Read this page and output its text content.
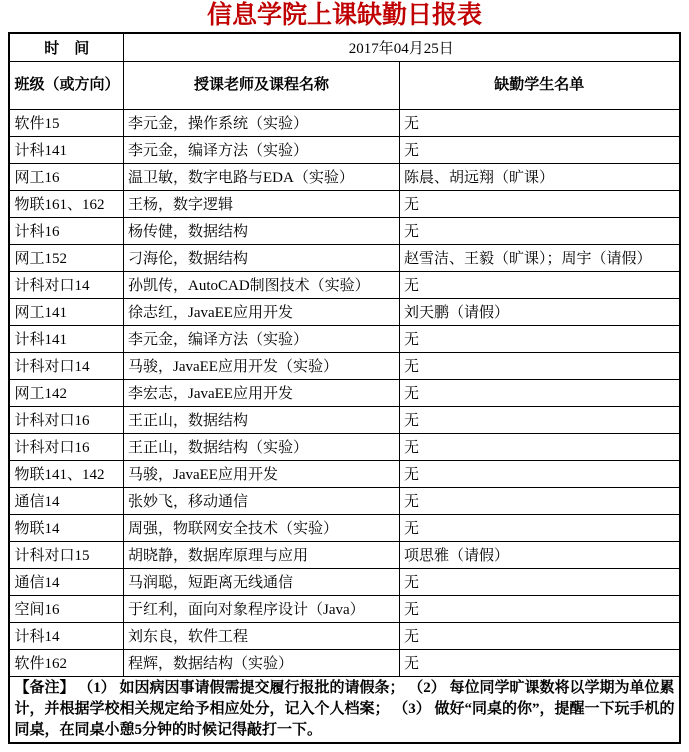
信息学院上课缺勤日报表
时　间	2017年04月25日	
班级（或方向）	授课老师及课程名称	缺勤学生名单
软件15	李元金，操作系统（实验）	无
计科141	李元金，编译方法（实验）	无
网工16	温卫敏，数字电路与EDA（实验）	陈晨、胡远翔（旷课）
物联161、162	王杨，数字逻辑	无
计科16	杨传健，数据结构	无
网工152	刁海伦，数据结构	赵雪洁、王毅（旷课）；周宇（请假）
计科对口14	孙凯传，AutoCAD制图技术（实验）	无
网工141	徐志红，JavaEE应用开发	刘天鹏（请假）
计科141	李元金，编译方法（实验）	无
计科对口14	马骏，JavaEE应用开发（实验）	无
网工142	李宏志，JavaEE应用开发	无
计科对口16	王正山，数据结构	无
计科对口16	王正山，数据结构（实验）	无
物联141、142	马骏，JavaEE应用开发	无
通信14	张妙飞，移动通信	无
物联14	周强，物联网安全技术（实验）	无
计科对口15	胡晓静，数据库原理与应用	项思雅（请假）
通信14	马润聪，短距离无线通信	无
空间16	于红利，面向对象程序设计（Java）	无
计科14	刘东良，软件工程	无
软件162	程辉，数据结构（实验）	无
【备注】 （1） 如因病因事请假需提交履行报批的请假条； （2） 每位同学旷课数将以学期为单位累计，并根据学校相关规定给予相应处分，记入个人档案； （3） 做好“同桌的你”，提醒一下玩手机的同桌，在同桌小憩5分钟的时候记得敲打一下。		
